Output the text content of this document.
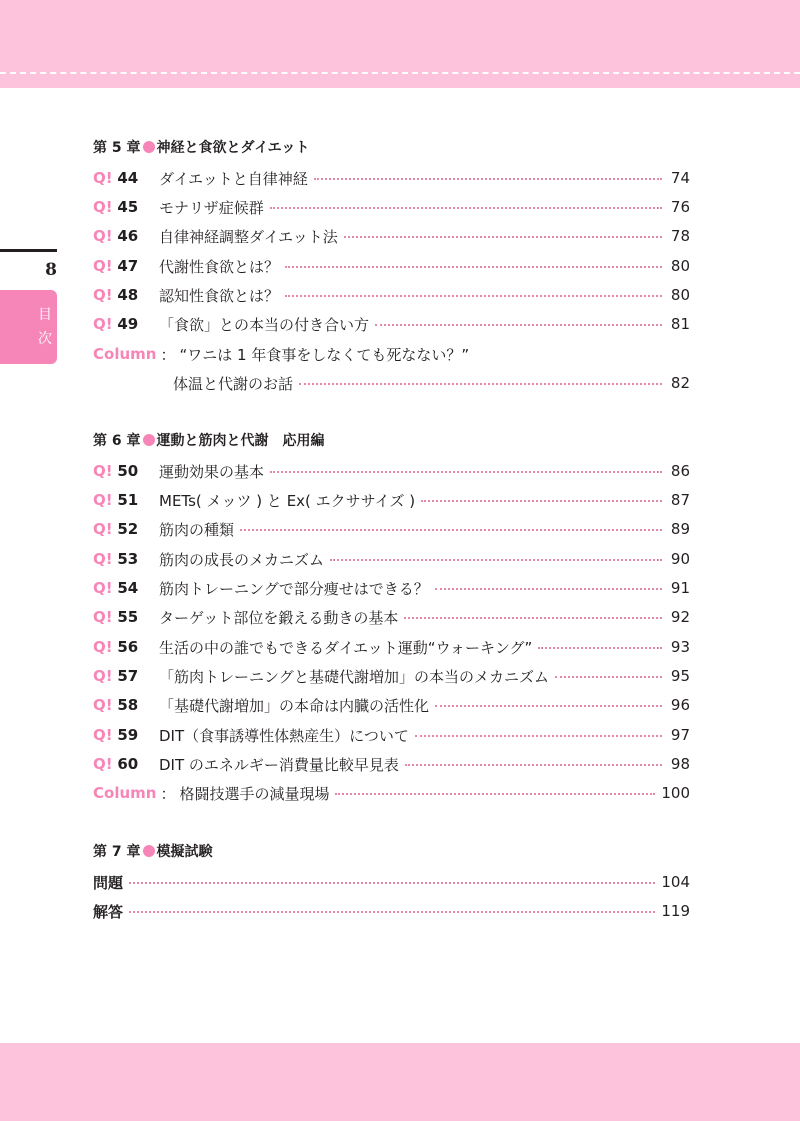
8
目
次
第 5 章 神経と食欲とダイエット
Q! 44	ダイエットと自律神経	74
Q! 45	モナリザ症候群	76
Q! 46	自律神経調整ダイエット法	78
Q! 47	代謝性食欲とは？	80
Q! 48	認知性食欲とは？	80
Q! 49	「食欲」との本当の付き合い方	81
Column ： “ワニは 1 年食事をしなくても死なない？”
体温と代謝のお話	82
第 6 章 運動と筋肉と代謝　応用編
Q! 50	運動効果の基本	86
Q! 51	METs( メッツ ) と Ex( エクササイズ )	87
Q! 52	筋肉の種類	89
Q! 53	筋肉の成長のメカニズム	90
Q! 54	筋肉トレーニングで部分痩せはできる？	91
Q! 55	ターゲット部位を鍛える動きの基本	92
Q! 56	生活の中の誰でもできるダイエット運動“ウォーキング”	93
Q! 57	「筋肉トレーニングと基礎代謝増加」の本当のメカニズム	95
Q! 58	「基礎代謝増加」の本命は内臓の活性化	96
Q! 59	DIT（食事誘導性体熱産生）について	97
Q! 60	DIT のエネルギー消費量比較早見表	98
Column ： 格闘技選手の減量現場	100
第 7 章 模擬試験
問題	104
解答	119
